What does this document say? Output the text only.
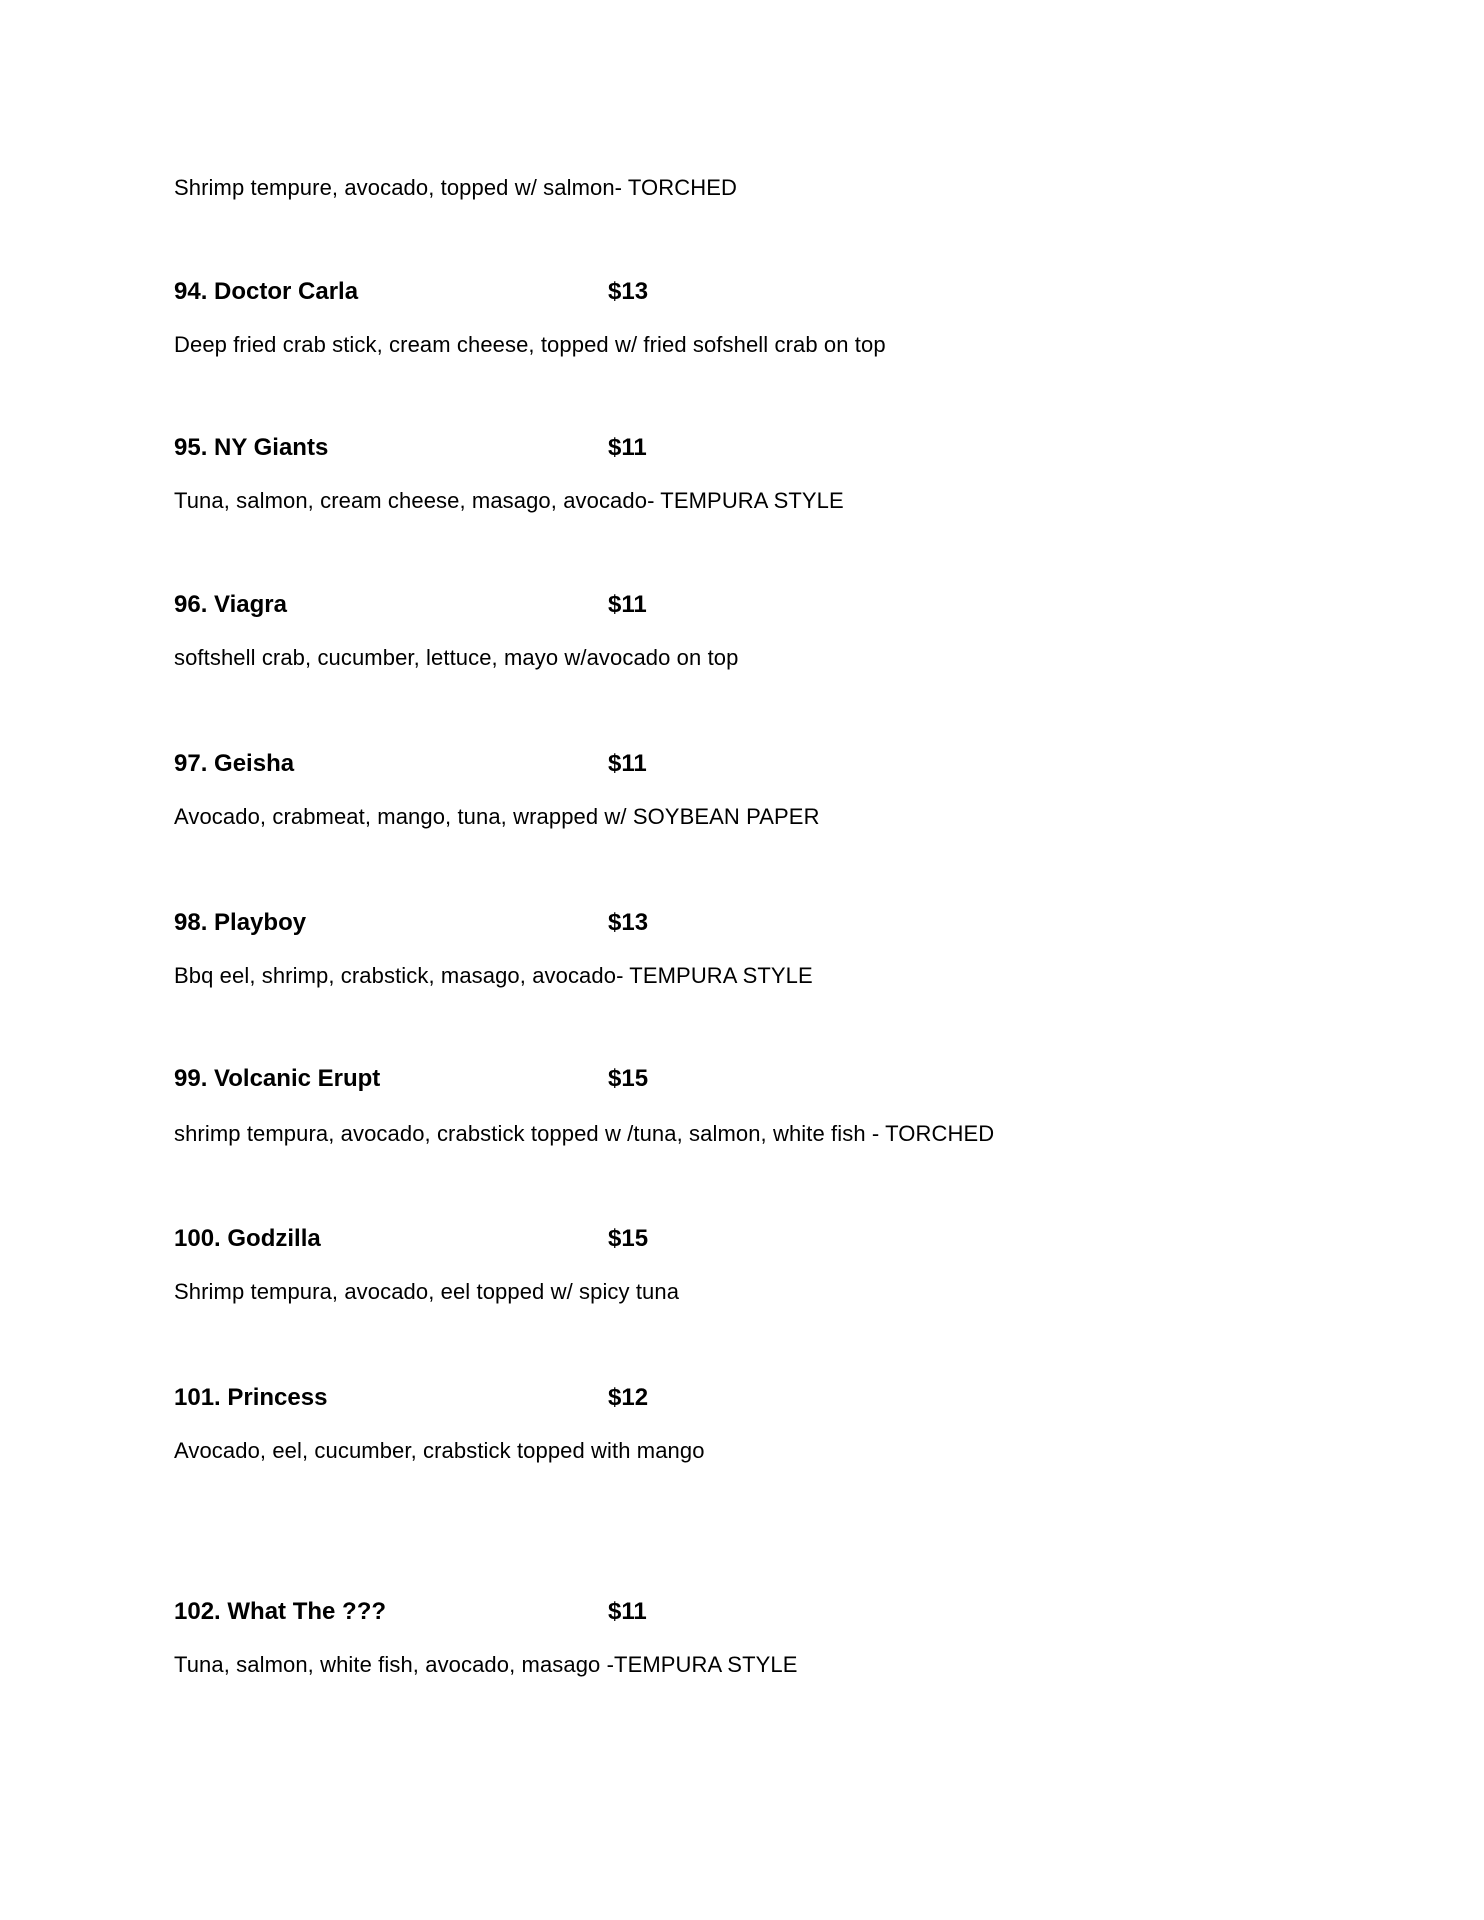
Shrimp tempure, avocado, topped w/ salmon- TORCHED
94. Doctor Carla	$13
Deep fried crab stick, cream cheese, topped w/ fried sofshell crab on top
95. NY Giants	$11
Tuna, salmon, cream cheese, masago, avocado- TEMPURA STYLE
96. Viagra	$11
softshell crab, cucumber, lettuce, mayo w/avocado on top
97. Geisha	$11
Avocado, crabmeat, mango, tuna, wrapped w/ SOYBEAN PAPER
98. Playboy	$13
Bbq eel, shrimp, crabstick, masago, avocado- TEMPURA STYLE
99. Volcanic Erupt	$15
shrimp tempura, avocado, crabstick topped w /tuna, salmon, white fish - TORCHED
100. Godzilla	$15
Shrimp tempura, avocado, eel topped w/ spicy tuna
101. Princess	$12
Avocado, eel, cucumber, crabstick topped with mango
102. What The ???	$11
Tuna, salmon, white fish, avocado, masago -TEMPURA STYLE
